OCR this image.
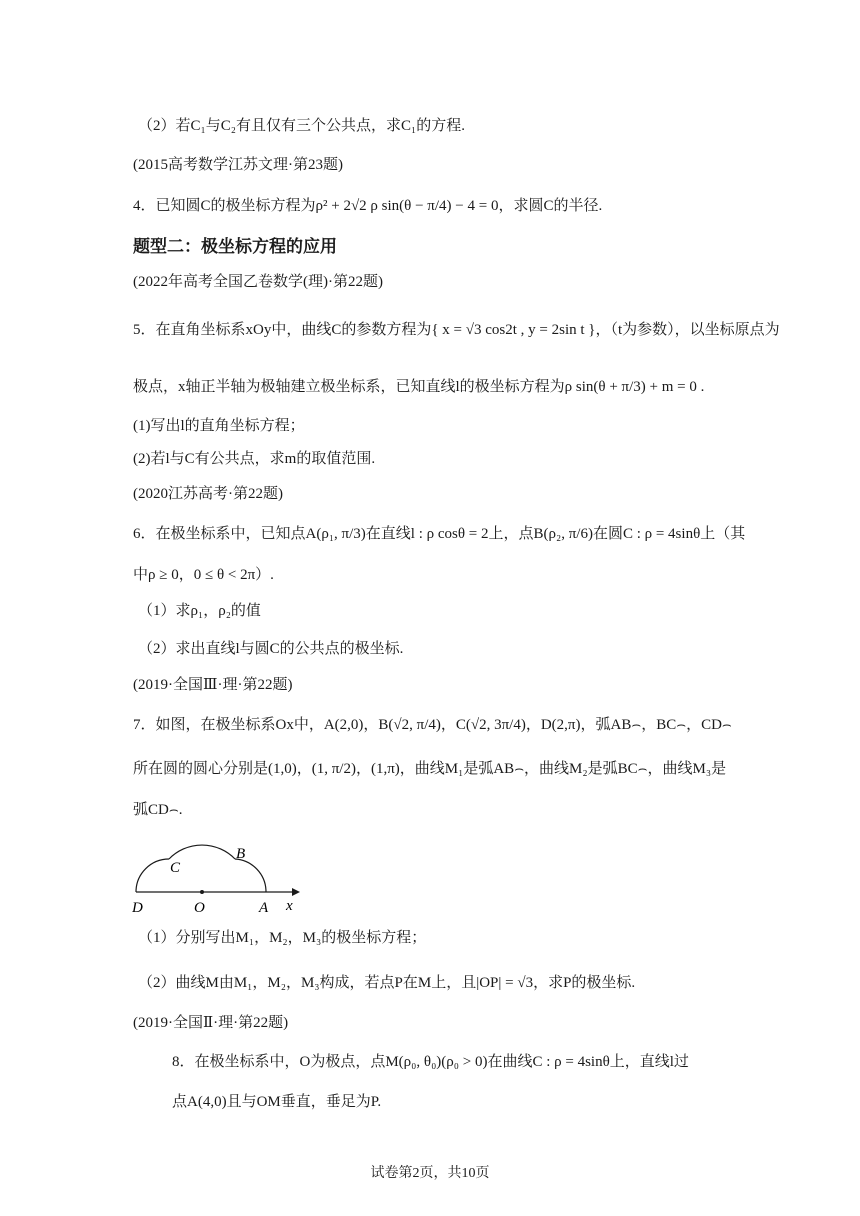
（2）若C₁与C₂有且仅有三个公共点，求C₁的方程.
(2015高考数学江苏文理·第23题)
4．已知圆C的极坐标方程为ρ² + 2√2 ρ sin(θ − π/4) − 4 = 0，求圆C的半径.
题型二：极坐标方程的应用
(2022年高考全国乙卷数学(理)·第22题)
5．在直角坐标系xOy中，曲线C的参数方程为{ x = √3 cos2t , y = 2sin t }，（t为参数），以坐标原点为
极点，x轴正半轴为极轴建立极坐标系，已知直线l的极坐标方程为ρ sin(θ + π/3) + m = 0 .
(1)写出l的直角坐标方程；
(2)若l与C有公共点，求m的取值范围.
(2020江苏高考·第22题)
6．在极坐标系中，已知点A(ρ₁, π/3)在直线l : ρ cosθ = 2上，点B(ρ₂, π/6)在圆C : ρ = 4sinθ上（其
中ρ ≥ 0，0 ≤ θ < 2π）.
（1）求ρ₁，ρ₂的值
（2）求出直线l与圆C的公共点的极坐标.
(2019·全国Ⅲ·理·第22题)
7．如图，在极坐标系Ox中，A(2,0)，B(√2, π/4)，C(√2, 3π/4)，D(2,π)，弧AB⌢，BC⌢，CD⌢
所在圆的圆心分别是(1,0)，(1, π/2)，(1,π)，曲线M₁是弧AB⌢，曲线M₂是弧BC⌢，曲线M₃是
弧CD⌢.
B
C
D	O	A x
（1）分别写出M₁，M₂，M₃的极坐标方程；
（2）曲线M由M₁，M₂，M₃构成，若点P在M上，且|OP| = √3，求P的极坐标.
(2019·全国Ⅱ·理·第22题)
8．在极坐标系中，O为极点，点M(ρ₀, θ₀)(ρ₀ > 0)在曲线C : ρ = 4sinθ上，直线l过
点A(4,0)且与OM垂直，垂足为P.
试卷第2页，共10页
